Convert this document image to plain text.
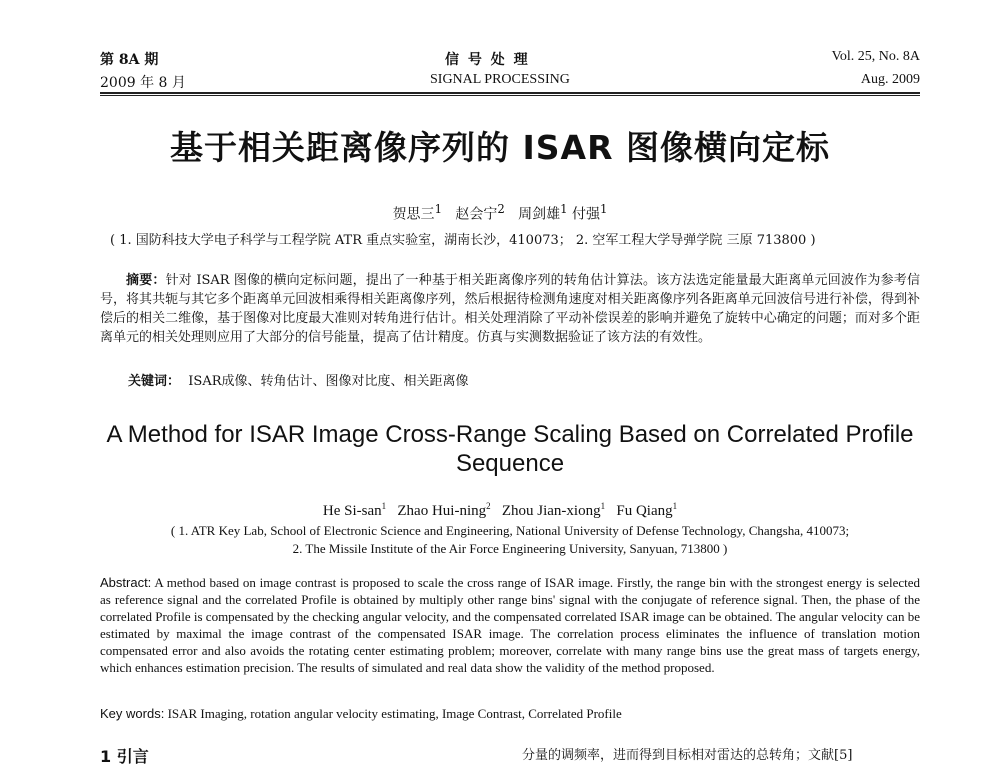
第 8A 期
2009 年 8 月
信 号 处 理
SIGNAL PROCESSING
Vol. 25, No. 8A
Aug. 2009
基于相关距离像序列的 ISAR 图像横向定标
贺思三$^1$ 赵会宁$^2$ 周剑雄$^1$ 付强$^1$
( 1. 国防科技大学电子科学与工程学院 ATR 重点实验室，湖南长沙，410073； 2. 空军工程大学导弹学院 三原 713800 )

摘要：针对 ISAR 图像的横向定标问题，提出了一种基于相关距离像序列的转角估计算法。该方法选定能量最大距离单元回波作为参考信号，将其共轭与其它多个距离单元回波相乘得相关距离像序列，然后根据待检测角速度对相关距离像序列各距离单元回波信号进行补偿，得到补偿后的相关二维像，基于图像对比度最大准则对转角进行估计。相关处理消除了平动补偿误差的影响并避免了旋转中心确定的问题；而对多个距离单元的相关处理则应用了大部分的信号能量，提高了估计精度。仿真与实测数据验证了该方法的有效性。

关键词： ISAR成像、转角估计、图像对比度、相关距离像
A Method for ISAR Image Cross-Range Scaling Based on Correlated Profile Sequence
He Si-san$^1$ Zhao Hui-ning$^2$ Zhou Jian-xiong$^1$ Fu Qiang$^1$
( 1. ATR Key Lab, School of Electronic Science and Engineering, National University of Defense Technology, Changsha, 410073;
2. The Missile Institute of the Air Force Engineering University, Sanyuan, 713800 )

Abstract: A method based on image contrast is proposed to scale the cross range of ISAR image. Firstly, the range bin with the strongest energy is selected as reference signal and the correlated Profile is obtained by multiply other range bins' signal with the conjugate of reference signal. Then, the phase of the correlated Profile is compensated by the checking angular velocity, and the compensated correlated ISAR image can be obtained. The angular velocity can be estimated by maximal the image contrast of the compensated ISAR image. The correlation process eliminates the influence of translation motion compensated error and also avoids the rotating center estimating problem; moreover, correlate with many range bins use the great mass of targets energy, which enhances estimation precision. The results of simulated and real data show the validity of the method proposed.

Key words: ISAR Imaging, rotation angular velocity estimating, Image Contrast, Correlated Profile
1 引言	分量的调频率，进而得到目标相对雷达的总转角；文献[5]
